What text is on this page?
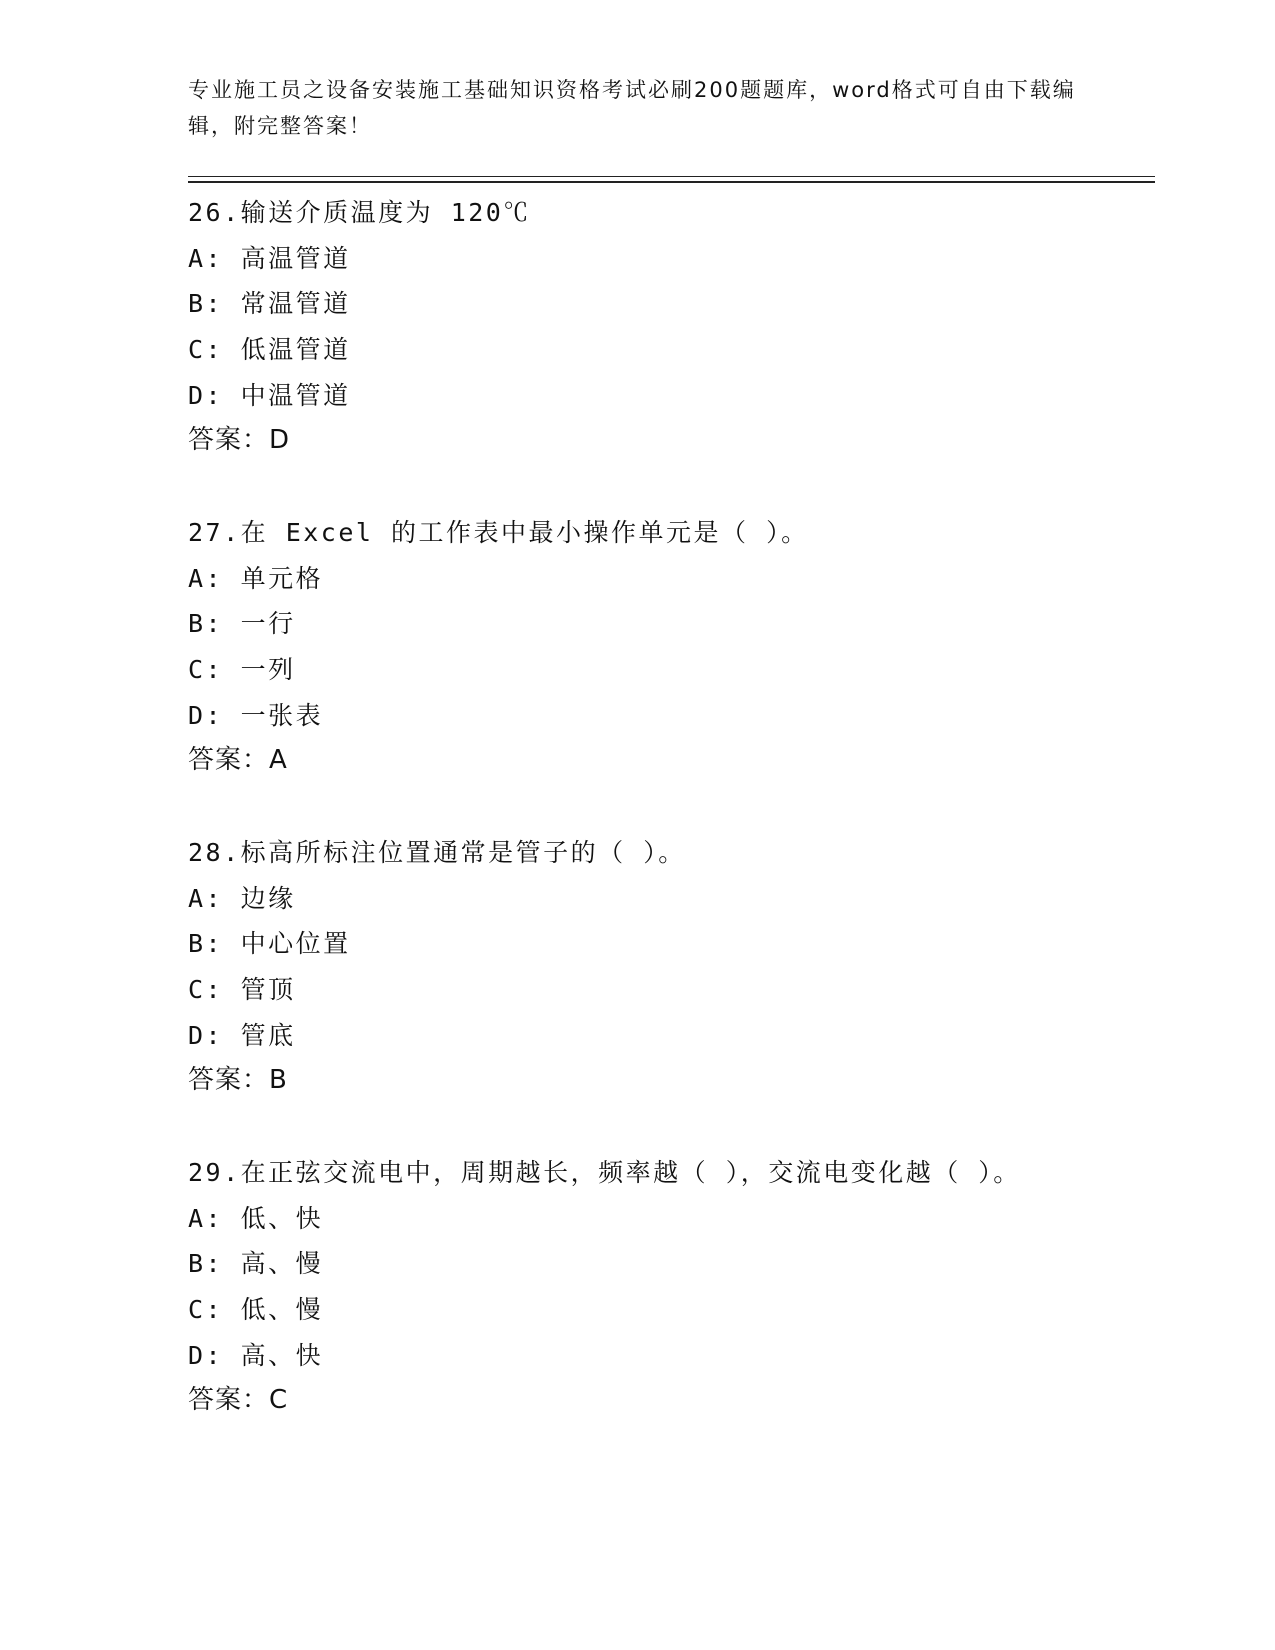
专业施工员之设备安装施工基础知识资格考试必刷200题题库，word格式可自由下载编辑，附完整答案！
26.输送介质温度为 120℃
A: 高温管道
B: 常温管道
C: 低温管道
D: 中温管道
答案：D
27.在 Excel 的工作表中最小操作单元是（ ）。
A: 单元格
B: 一行
C: 一列
D: 一张表
答案：A
28.标高所标注位置通常是管子的（ ）。
A: 边缘
B: 中心位置
C: 管顶
D: 管底
答案：B
29.在正弦交流电中，周期越长，频率越（ ），交流电变化越（ ）。
A: 低、快
B: 高、慢
C: 低、慢
D: 高、快
答案：C
